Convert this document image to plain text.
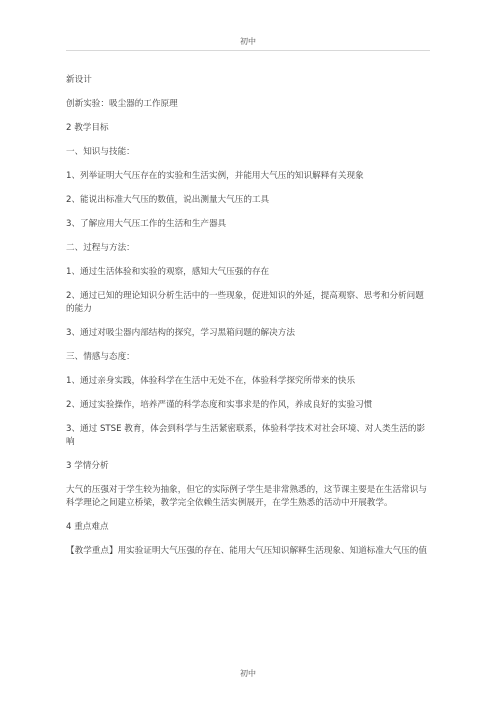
初中
新设计
创新实验：吸尘器的工作原理
2 教学目标
一、知识与技能：
1、列举证明大气压存在的实验和生活实例，并能用大气压的知识解释有关现象
2、能说出标准大气压的数值，说出测量大气压的工具
3、了解应用大气压工作的生活和生产器具
二、过程与方法：
1、通过生活体验和实验的观察，感知大气压强的存在
2、通过已知的理论知识分析生活中的一些现象，促进知识的外延，提高观察、思考和分析问题的能力
3、通过对吸尘器内部结构的探究，学习黑箱问题的解决方法
三、情感与态度：
1、通过亲身实践，体验科学在生活中无处不在，体验科学探究所带来的快乐
2、通过实验操作，培养严谨的科学态度和实事求是的作风，养成良好的实验习惯
3、通过 STSE 教育，体会到科学与生活紧密联系，体验科学技术对社会环境、对人类生活的影响
3 学情分析
大气的压强对于学生较为抽象，但它的实际例子学生是非常熟悉的，这节课主要是在生活常识与科学理论之间建立桥梁，教学完全依赖生活实例展开，在学生熟悉的活动中开展教学。
4 重点难点
【教学重点】用实验证明大气压强的存在、能用大气压知识解释生活现象、知道标准大气压的值
初中
